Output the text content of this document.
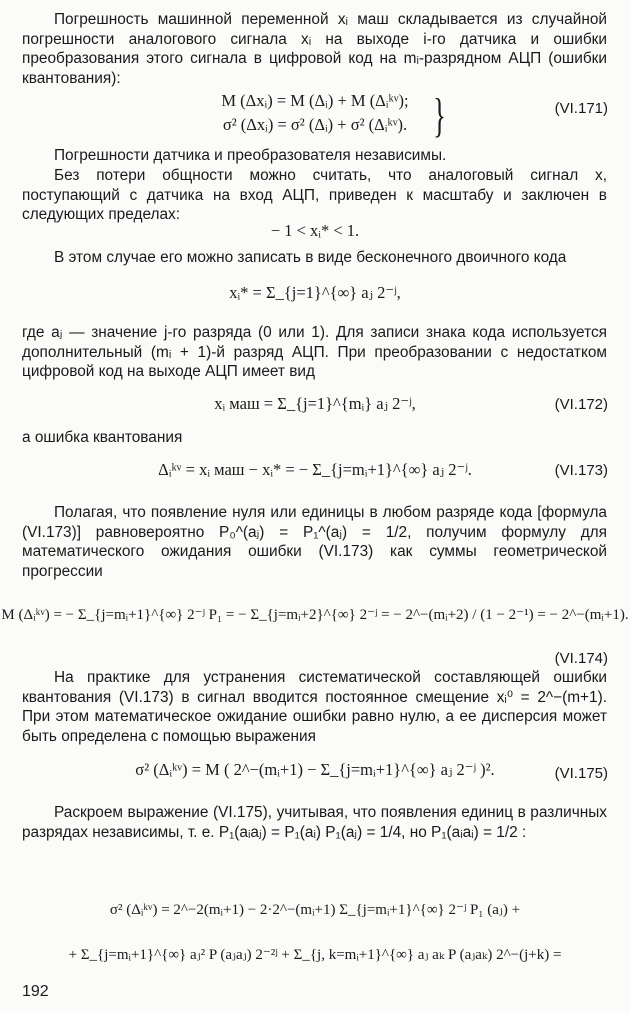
Погрешность машинной переменной xᵢ маш складывается из случайной погрешности аналогового сигнала xᵢ на выходе i-го датчика и ошибки преобразования этого сигнала в цифровой код на mᵢ-разрядном АЦП (ошибки квантования):

M (Δxᵢ) = M (Δᵢ) + M (Δᵢᵏᵛ);
σ² (Δxᵢ) = σ² (Δᵢ) + σ² (Δᵢᵏᵛ). }	(VI.171)

Погрешности датчика и преобразователя независимы.

Без потери общности можно считать, что аналоговый сигнал x, поступающий с датчика на вход АЦП, приведен к масштабу и заключен в следующих пределах:

− 1 < xᵢ* < 1.

В этом случае его можно записать в виде бесконечного двоичного кода

xᵢ* = Σ_{j=1}^{∞} aⱼ 2⁻ʲ,

где aⱼ — значение j-го разряда (0 или 1). Для записи знака кода используется дополнительный (mᵢ + 1)-й разряд АЦП. При преобразовании с недостатком цифровой код на выходе АЦП имеет вид

xᵢ маш = Σ_{j=1}^{mᵢ} aⱼ 2⁻ʲ,	(VI.172)

а ошибка квантования

Δᵢᵏᵛ = xᵢ маш − xᵢ* = − Σ_{j=mᵢ+1}^{∞} aⱼ 2⁻ʲ.	(VI.173)

Полагая, что появление нуля или единицы в любом разряде кода [формула (VI.173)] равновероятно P₀^(aⱼ) = P₁^(aⱼ) = 1/2, получим формулу для математического ожидания ошибки (VI.173) как суммы геометрической прогрессии

M (Δᵢᵏᵛ) = − Σ_{j=mᵢ+1}^{∞} 2⁻ʲ P₁ = − Σ_{j=mᵢ+2}^{∞} 2⁻ʲ = − 2^−(mᵢ+2) / (1 − 2⁻¹) = − 2^−(mᵢ+1).
(VI.174)

На практике для устранения систематической составляющей ошибки квантования (VI.173) в сигнал вводится постоянное смещение xᵢ⁰ = 2^−(m+1). При этом математическое ожидание ошибки равно нулю, а ее дисперсия может быть определена с помощью выражения

σ² (Δᵢᵏᵛ) = M ( 2^−(mᵢ+1) − Σ_{j=mᵢ+1}^{∞} aⱼ 2⁻ʲ )².	(VI.175)

Раскроем выражение (VI.175), учитывая, что появления единиц в различных разрядах независимы, т. е. P₁(aᵢaⱼ) = P₁(aᵢ) P₁(aⱼ) = 1/4, но P₁(aᵢaᵢ) = 1/2 :

σ² (Δᵢᵏᵛ) = 2^−2(mᵢ+1) − 2·2^−(mᵢ+1) Σ_{j=mᵢ+1}^{∞} 2⁻ʲ P₁ (aⱼ) +
+ Σ_{j=mᵢ+1}^{∞} aⱼ² P (aⱼaⱼ) 2⁻²ʲ + Σ_{j, k=mᵢ+1}^{∞} aⱼ aₖ P (aⱼaₖ) 2^−(j+k) =
192
